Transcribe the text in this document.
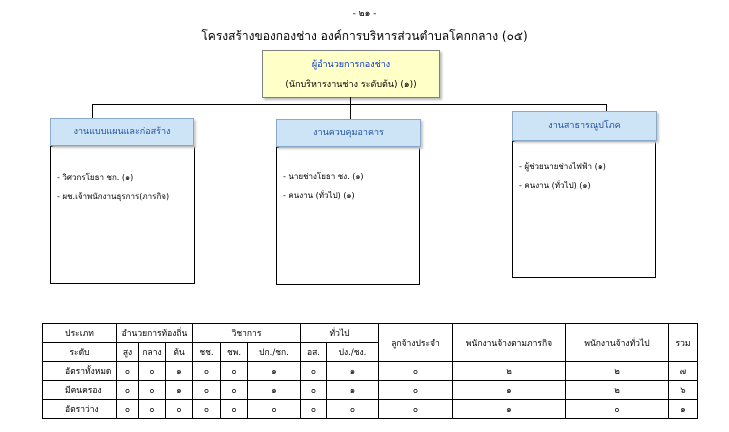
- ๒๑ -
โครงสร้างของกองช่าง องค์การบริหารส่วนตำบลโคกกลาง (๐๕)
ผู้อำนวยการกองช่าง
(นักบริหารงานช่าง ระดับต้น) (๑))
- วิศวกรโยธา ชก. (๑)
- ผช.เจ้าพนักงานธุรการ(ภารกิจ)
งานแบบแผนและก่อสร้าง
- นายช่างโยธา ชง. (๑)
- คนงาน (ทั่วไป) (๑)
งานควบคุมอาคาร
- ผู้ช่วยนายช่างไฟฟ้า (๑)
- คนงาน (ทั่วไป) (๑)
งานสาธารณูปโภค
ประเภท	อำนวยการท้องถิ่น			วิชาการ			ทั่วไป		ลูกจ้างประจำ	พนักงานจ้างตามภารกิจ	พนักงานจ้างทั่วไป	รวม
ระดับ	สูง	กลาง	ต้น	ชช.	ชพ.	ปก./ชก.	อส.	ปง./ชง.				
อัตราทั้งหมด	๐	๐	๑	๐	๐	๑	๐	๑	๐	๒	๒	๗
มีคนครอง	๐	๐	๑	๐	๐	๑	๐	๑	๐	๑	๒	๖
อัตราว่าง	๐	๐	๐	๐	๐	๐	๐	๐	๐	๑	๐	๑
